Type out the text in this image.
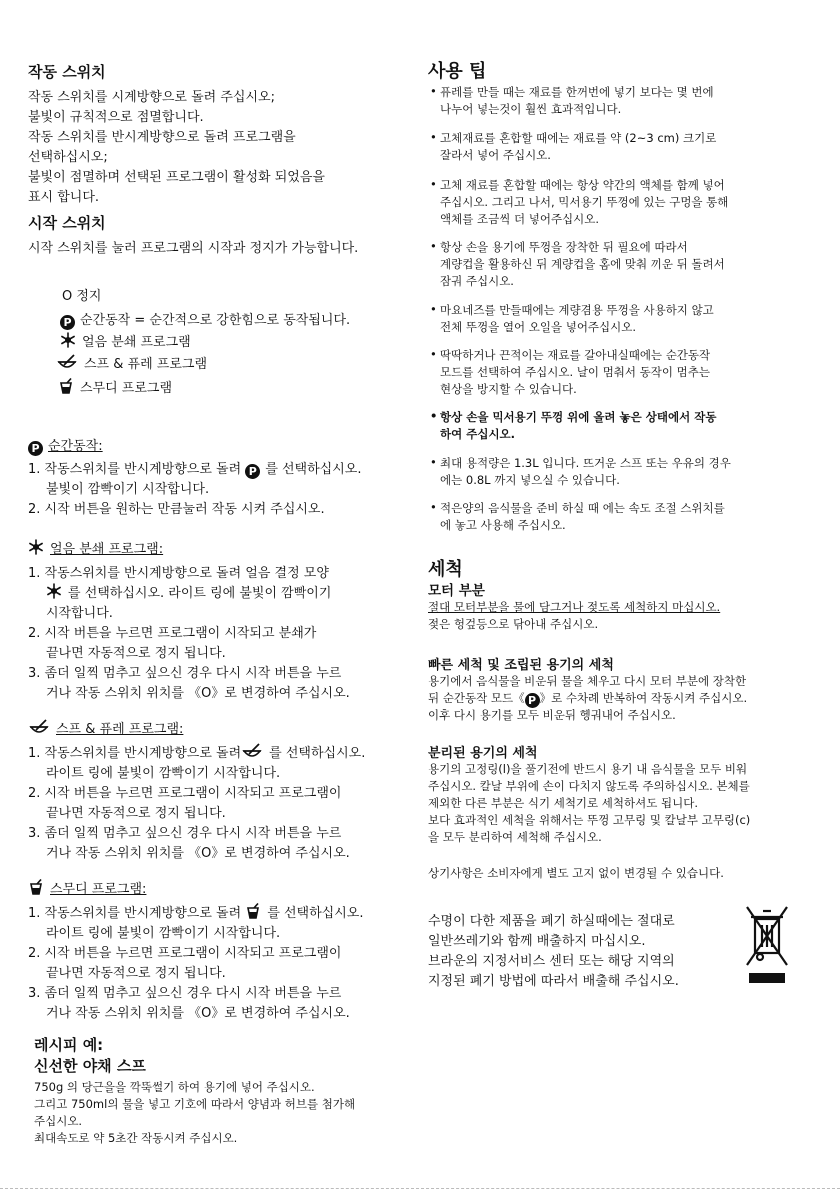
작동 스위치
작동 스위치를 시계방향으로 돌려 주십시오;
불빛이 규칙적으로 점멸합니다.
작동 스위치를 반시계방향으로 돌려 프로그램을
선택하십시오;
불빛이 점멸하며 선택된 프로그램이 활성화 되었음을
표시 합니다.
시작 스위치
시작 스위치를 눌러 프로그램의 시작과 정지가 가능합니다.
O 정지
P 순간동작 = 순간적으로 강한힘으로 동작됩니다.
얼음 분쇄 프로그램
스프 & 퓨레 프로그램
스무디 프로그램
P 순간동작:
1. 작동스위치를 반시계방향으로 돌려 P 를 선택하십시오.
불빛이 깜빡이기 시작합니다.
2. 시작 버튼을 원하는 만큼눌러 작동 시켜 주십시오.
얼음 분쇄 프로그램:
1. 작동스위치를 반시계방향으로 돌려 얼음 결정 모양
를 선택하십시오. 라이트 링에 불빛이 깜빡이기
시작합니다.
2. 시작 버튼을 누르면 프로그램이 시작되고 분쇄가
끝나면 자동적으로 정지 됩니다.
3. 좀더 일찍 멈추고 싶으신 경우 다시 시작 버튼을 누르
거나 작동 스위치 위치를 《O》로 변경하여 주십시오.
스프 & 퓨레 프로그램:
1. 작동스위치를 반시계방향으로 돌려 를 선택하십시오.
라이트 링에 불빛이 깜빡이기 시작합니다.
2. 시작 버튼을 누르면 프로그램이 시작되고 프로그램이
끝나면 자동적으로 정지 됩니다.
3. 좀더 일찍 멈추고 싶으신 경우 다시 시작 버튼을 누르
거나 작동 스위치 위치를 《O》로 변경하여 주십시오.
스무디 프로그램:
1. 작동스위치를 반시계방향으로 돌려 를 선택하십시오.
라이트 링에 불빛이 깜빡이기 시작합니다.
2. 시작 버튼을 누르면 프로그램이 시작되고 프로그램이
끝나면 자동적으로 정지 됩니다.
3. 좀더 일찍 멈추고 싶으신 경우 다시 시작 버튼을 누르
거나 작동 스위치 위치를 《O》로 변경하여 주십시오.
레시피 예:
신선한 야채 스프
750g 의 당근을을 깍뚝썰기 하여 용기에 넣어 주십시오.
그리고 750ml의 물을 넣고 기호에 따라서 양념과 허브를 첨가해
주십시오.
최대속도로 약 5초간 작동시켜 주십시오.
사용 팁
• 퓨레를 만들 때는 재료를 한꺼번에 넣기 보다는 몇 번에
나누어 넣는것이 훨씬 효과적입니다.
• 고체재료를 혼합할 때에는 재료를 약 (2~3 cm) 크기로
잘라서 넣어 주십시오.
• 고체 재료를 혼합할 때에는 항상 약간의 액체를 함께 넣어
주십시오. 그리고 나서, 믹서용기 뚜껑에 있는 구멍을 통해
액체를 조금씩 더 넣어주십시오.
• 항상 손을 용기에 뚜껑을 장착한 뒤 필요에 따라서
계량컵을 활용하신 뒤 계량컵을 홈에 맞춰 끼운 뒤 돌려서
잠궈 주십시오.
• 마요네즈를 만들때에는 계량겸용 뚜껑을 사용하지 않고
전체 뚜껑을 열어 오일을 넣어주십시오.
• 딱딱하거나 끈적이는 재료를 갈아내실때에는 순간동작
모드를 선택하여 주십시오. 날이 멈춰서 동작이 멈추는
현상을 방지할 수 있습니다.
• 항상 손을 믹서용기 뚜껑 위에 올려 놓은 상태에서 작동
하여 주십시오.
• 최대 용적량은 1.3L 입니다. 뜨거운 스프 또는 우유의 경우
에는 0.8L 까지 넣으실 수 있습니다.
• 적은양의 음식물을 준비 하실 때 에는 속도 조절 스위치를
에 놓고 사용해 주십시오.
세척
모터 부분
절대 모터부분을 물에 담그거나 젖도록 세척하지 마십시오.
젖은 헝겊등으로 닦아내 주십시오.
빠른 세척 및 조립된 용기의 세척
용기에서 음식물을 비운뒤 물을 체우고 다시 모터 부분에 장착한
뒤 순간동작 모드《 P 》로 수차례 반복하여 작동시켜 주십시오.
이후 다시 용기를 모두 비운뒤 헹궈내어 주십시오.
분리된 용기의 세척
용기의 고정링(l)을 풀기전에 반드시 용기 내 음식물을 모두 비워
주십시오. 칼날 부위에 손이 다치지 않도록 주의하십시오. 본체를
제외한 다른 부분은 식기 세척기로 세척하셔도 됩니다.
보다 효과적인 세척을 위해서는 뚜껑 고무링 및 칼날부 고무링(c)
을 모두 분리하여 세척해 주십시오.
상기사항은 소비자에게 별도 고지 없이 변경될 수 있습니다.
수명이 다한 제품을 폐기 하실때에는 절대로
일반쓰레기와 함께 배출하지 마십시오.
브라운의 지정서비스 센터 또는 해당 지역의
지정된 폐기 방법에 따라서 배출해 주십시오.
